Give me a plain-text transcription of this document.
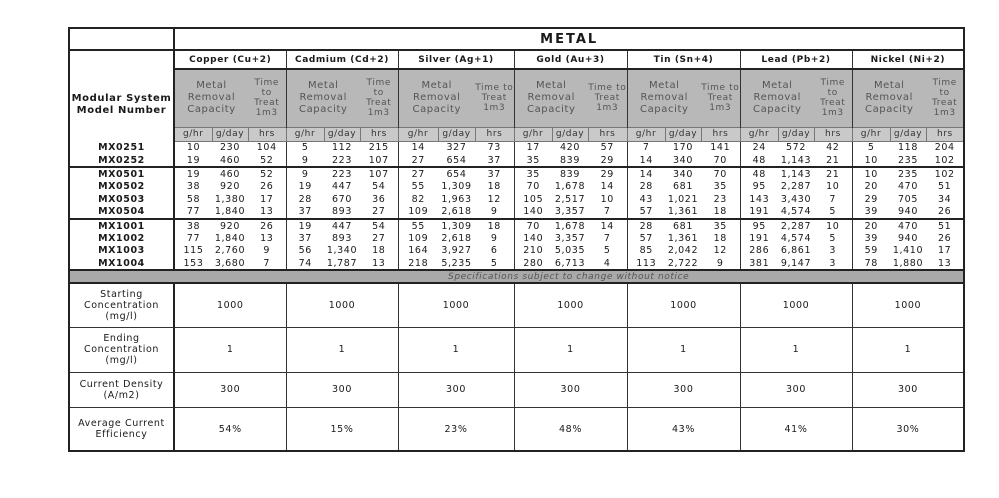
	METAL																				
	Copper (Cu+2)			Cadmium (Cd+2)			Silver (Ag+1)			Gold (Au+3)			Tin (Sn+4)			Lead (Pb+2)			Nickel (Ni+2)		
Modular System Model Number	Metal Removal Capacity		Time to Treat 1m3	Metal Removal Capacity		Time to Treat 1m3	Metal Removal Capacity		Time to Treat 1m3	Metal Removal Capacity		Time to Treat 1m3	Metal Removal Capacity		Time to Treat 1m3	Metal Removal Capacity		Time to Treat 1m3	Metal Removal Capacity		Time to Treat 1m3
	g/hr	g/day	hrs	g/hr	g/day	hrs	g/hr	g/day	hrs	g/hr	g/day	hrs	g/hr	g/day	hrs	g/hr	g/day	hrs	g/hr	g/day	hrs
MX0251	10	230	104	5	112	215	14	327	73	17	420	57	7	170	141	24	572	42	5	118	204
MX0252	19	460	52	9	223	107	27	654	37	35	839	29	14	340	70	48	1,143	21	10	235	102
MX0501	19	460	52	9	223	107	27	654	37	35	839	29	14	340	70	48	1,143	21	10	235	102
MX0502	38	920	26	19	447	54	55	1,309	18	70	1,678	14	28	681	35	95	2,287	10	20	470	51
MX0503	58	1,380	17	28	670	36	82	1,963	12	105	2,517	10	43	1,021	23	143	3,430	7	29	705	34
MX0504	77	1,840	13	37	893	27	109	2,618	9	140	3,357	7	57	1,361	18	191	4,574	5	39	940	26
MX1001	38	920	26	19	447	54	55	1,309	18	70	1,678	14	28	681	35	95	2,287	10	20	470	51
MX1002	77	1,840	13	37	893	27	109	2,618	9	140	3,357	7	57	1,361	18	191	4,574	5	39	940	26
MX1003	115	2,760	9	56	1,340	18	164	3,927	6	210	5,035	5	85	2,042	12	286	6,861	3	59	1,410	17
MX1004	153	3,680	7	74	1,787	13	218	5,235	5	280	6,713	4	113	2,722	9	381	9,147	3	78	1,880	13
	Specifications subject to change without notice																				
Starting Concentration (mg/l)	1000			1000			1000			1000			1000			1000			1000		
Ending Concentration (mg/l)	1			1			1			1			1			1			1		
Current Density (A/m2)	300			300			300			300			300			300			300		
Average Current Efficiency	54%			15%			23%			48%			43%			41%			30%		
